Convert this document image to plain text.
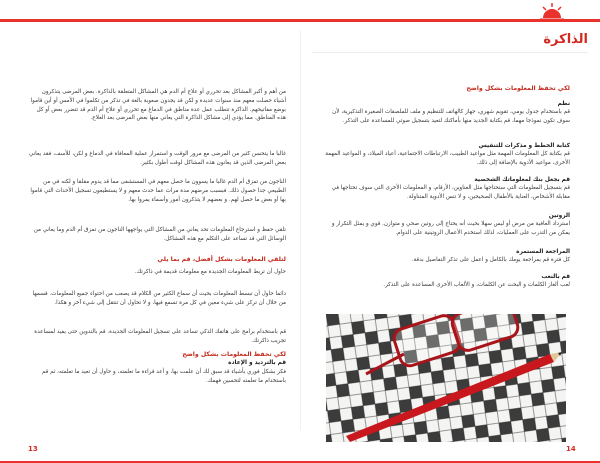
الذاكرة
من أهم و أكبر المشاكل بعد تحرري أو علاج أم الدم هي المشاكل المتعلقة بالذاكرة. بعض المرضى يتذكرون أشياء حصلت معهم منذ سنوات عديدة و لكن قد يجدون صعوبة بالغة في تذكر من تكلموا في الأمس أو أين قاموا بوضع مفاتيحهم. الذاكرة تتطلب عمل عدة مناطق في الدماغ مع تحرري أو علاج أم الدم قد تتضرر بعض أو كل هذه المناطق. مما يؤدي إلى مشاكل الذاكرة التي يعاني منها بعض المرضى بعد العلاج.
غالبا ما يتحسن كثير من المرضى مع مرور الوقت و استمرار عملية المعافاة في الدماغ و لكن، للأسف، فقد يعاني بعض المرضى الذين قد يعانون هذه المشاكل لوقت أطول بكثير.
الناجون من تمزق أم الدم غالبا ما يسوون ما حصل معهم في المستشفى مما قد يدوم مقلقا و لكنه في من الطبيعي جدا حصول ذلك. فبسبب مرضهم مدة مرات عما حدث معهم و لا يستطيعون تسجيل الأحداث التي قاموا بها أو بعض ما حصل لهم. و بعضهم لا يتذكرون أمور وأسماء يمروا بها.
تلقي حفظ و استرجاع المعلومات تحد يعاني من المشاكل التي يواجهها الناجون من تمزق أم الدم وما يعاني من الوسائل التي قد تساعد على التكلم مع هذه المشاكل.
لتلقي المعلومات بشكل أفضل، قم بما يلي
حاول أن تربط المعلومات الجديدة مع معلومات قديمة في ذاكرتك.
دائما حاول أن تبسط المعلومات بحيث أن سماع الكثير من الكلام قد يصعب من احتواء جميع المعلومات. قسمها من خلال أن تركز على شيء معين في كل مرة تسمع فيها، و لا تحاول أن تنتقل إلى شيء آخر و هكذا.
قم باستخدام برامج على هاتفك الذكي تساعد على تسجيل المعلومات الجديدة. قم بالتدوين حتى يفيد لمساعدة تجريب ذاكرتك.
لكي تحفظ المعلومات بشكل واضح
قم بالترديد و الإعادة
فكر بشكل فوري بأشياء قد سبق لك أن علمت بها، و أعد قراءة ما تعلمته، و حاول أن تعيد ما تعلمته، ثم قم باستخدام ما تعلمته لتحسين فهمك.
لكي تحفظ المعلومات بشكل واضح
نظم
قم باستخدام جدول يومي، تقويم شهري، جهاز كالهاتف للتنظيم و ملف للملصقات الصغيرة التذكيرية، لأن سوف تكون نموذجا مهما، قم بكتابة الجديد منها بأماكنك لتعيد بتسجيل صوتي للمساعدة على التذكر.
كتابة الخطط و مذكرات للتنفيس
قم بكتابة كل المعلومات المهمة مثل مواعيد الطبيب، الارتباطات الاجتماعية، أعياد الميلاد، و المواعيد المهمة الأخرى، مواعيد الأدوية بالإضافة إلى ذلك.
قم بجعل بنك لمعلوماتك الشخصية
قم بتسجيل المعلومات التي ستحتاجها مثل العناوين، الأرقام، و المعلومات الأخرى التي سوف تحتاجها في مقابلة الأشخاص، العناية بالأطفال الصحيحين، و لا تنس الأدوية المتناولة.
الروتين
استرداد العافية من مرض أو ليس سهلا بحيث أنه يحتاج إلى روتين صحي و متوازن. قوي و يمثل التكرار و يمكن من التدرب على العمليات، لذلك استخدم الأعمال الروتينية على الدوام.
المراجعة المستمرة
كل فترة قم بمراجعة يومك بالكامل و اعمل على تذكر التفاصيل بدقة.
قم بالنعب
لعب ألغاز الكلمات و البحث عن الكلمات، و الألعاب الأخرى المساعدة على التذكر.
13	14
